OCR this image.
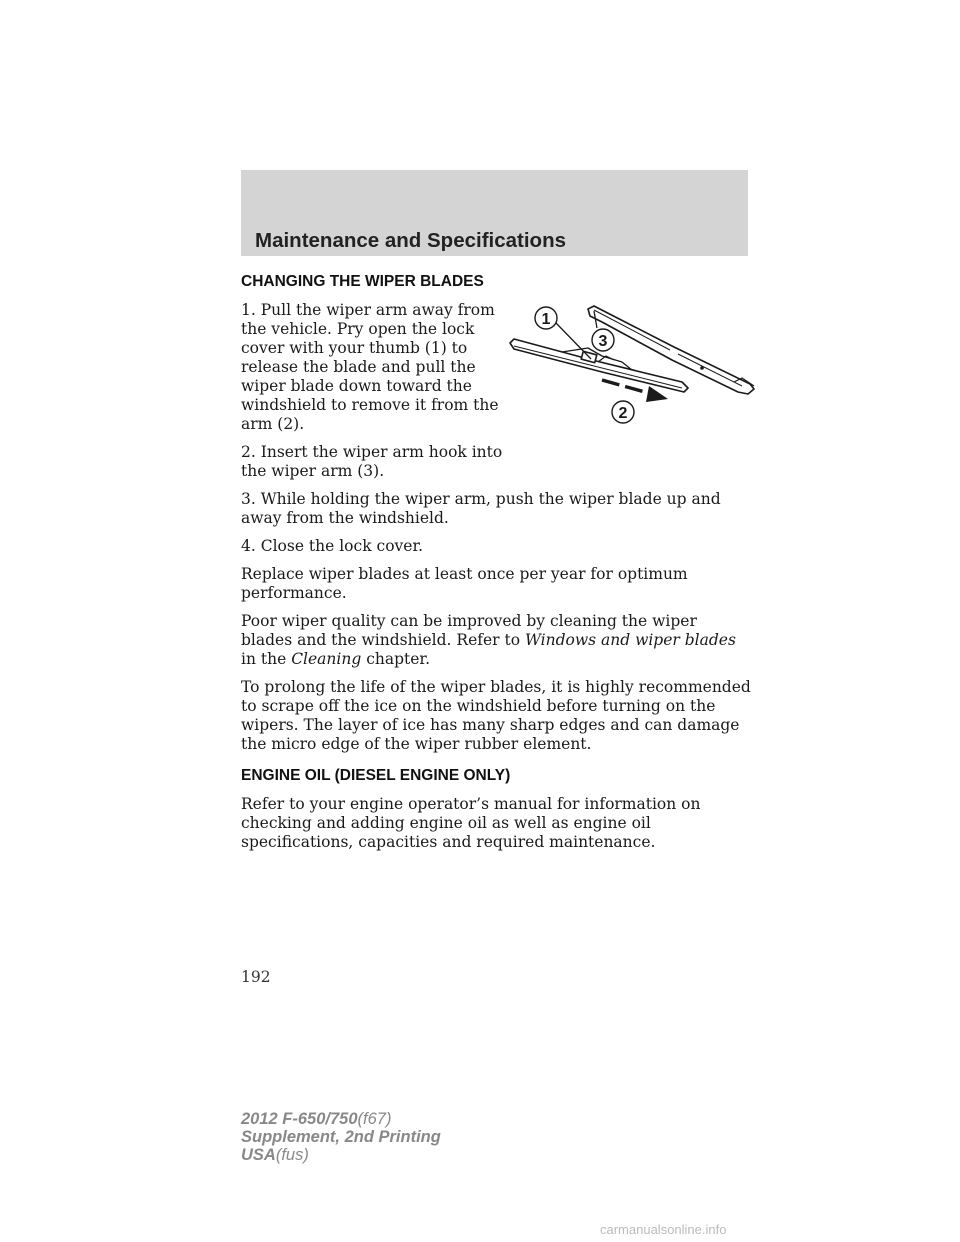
Maintenance and Specifications
CHANGING THE WIPER BLADES

1. Pull the wiper arm away from the vehicle. Pry open the lock cover with your thumb (1) to release the blade and pull the wiper blade down toward the windshield to remove it from the arm (2).

2. Insert the wiper arm hook into the wiper arm (3).

3. While holding the wiper arm, push the wiper blade up and away from the windshield.

4. Close the lock cover.

Replace wiper blades at least once per year for optimum performance.

Poor wiper quality can be improved by cleaning the wiper blades and the windshield. Refer to Windows and wiper blades in the Cleaning chapter.

To prolong the life of the wiper blades, it is highly recommended to scrape off the ice on the windshield before turning on the wipers. The layer of ice has many sharp edges and can damage the micro edge of the wiper rubber element.

ENGINE OIL (DIESEL ENGINE ONLY)

Refer to your engine operator’s manual for information on checking and adding engine oil as well as engine oil specifications, capacities and required maintenance.

1
3
2
192
2012 F-650/750(f67)
Supplement, 2nd Printing
USA(fus)
carmanualsonline.info
